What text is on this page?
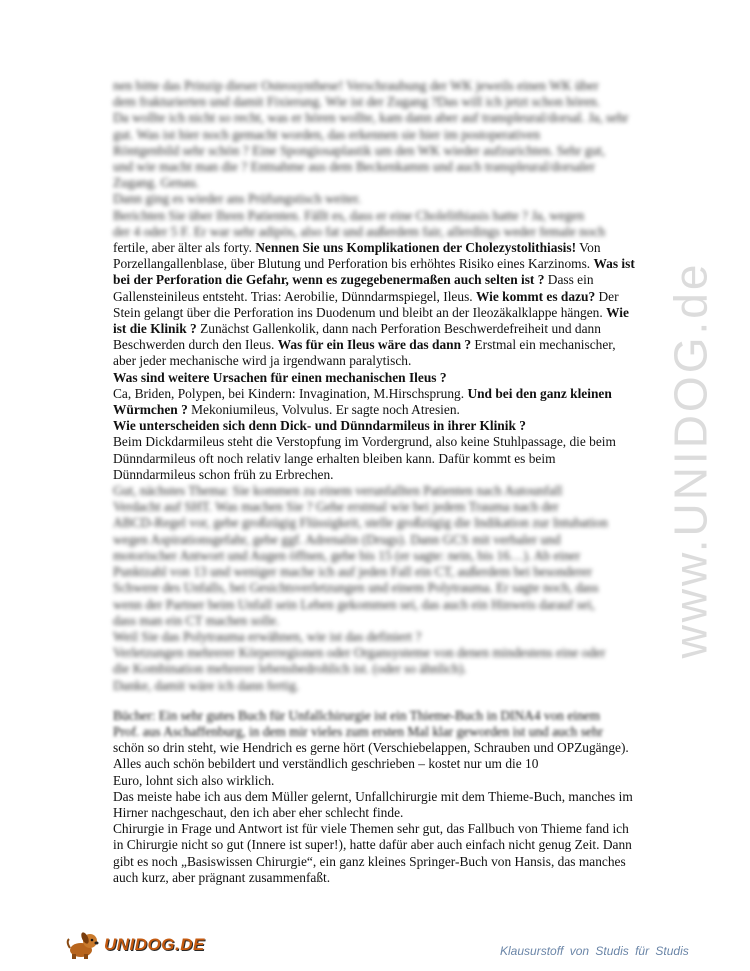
www.UNIDOG.de

nen bitte das Prinzip dieser Osteosynthese! Verschraubung der WK jeweils einen WK über

dem frakturierten und damit Fixierung. Wie ist der Zugang ?Das will ich jetzt schon hören.

Da wollte ich nicht so recht, was er hören wollte, kam dann aber auf transpleural/dorsal. Ja, sehr

gut. Was ist hier noch gemacht worden, das erkennen sie hier im postoperativen

Röntgenbild sehr schön ? Eine Spongiosaplastik um den WK wieder aufzurichten. Sehr gut,

und wie macht man die ? Entnahme aus dem Beckenkamm und auch transpleural/dorsaler

Zugang. Genau.

Dann ging es wieder ans Prüfungstisch weiter.

Berichten Sie über Ihren Patienten. Fällt es, dass er eine Cholelithiasis hatte ? Ja, wegen

der 4 oder 5 F. Er war sehr adipös, also fat und außerdem fair, allerdings weder female noch

fertile, aber älter als forty. Nennen Sie uns Komplikationen der Cholezystolithiasis! Von Porzellangallenblase, über Blutung und Perforation bis erhöhtes Risiko eines Karzinoms. Was ist bei der Perforation die Gefahr, wenn es zugegebenermaßen auch selten ist ? Dass ein Gallensteinileus entsteht. Trias: Aerobilie, Dünndarmspiegel, Ileus. Wie kommt es dazu? Der Stein gelangt über die Perforation ins Duodenum und bleibt an der Ileozäkalklappe hängen. Wie ist die Klinik ? Zunächst Gallenkolik, dann nach Perforation Beschwerdefreiheit und dann Beschwerden durch den Ileus. Was für ein Ileus wäre das dann ? Erstmal ein mechanischer, aber jeder mechanische wird ja irgendwann paralytisch.

Was sind weitere Ursachen für einen mechanischen Ileus ?

Ca, Briden, Polypen, bei Kindern: Invagination, M.Hirschsprung. Und bei den ganz kleinen Würmchen ? Mekoniumileus, Volvulus. Er sagte noch Atresien.

Wie unterscheiden sich denn Dick- und Dünndarmileus in ihrer Klinik ?

Beim Dickdarmileus steht die Verstopfung im Vordergrund, also keine Stuhlpassage, die beim Dünndarmileus oft noch relativ lange erhalten bleiben kann. Dafür kommt es beim Dünndarmileus schon früh zu Erbrechen.

Gut, nächstes Thema: Sie kommen zu einem verunfallten Patienten nach Autounfall

Verdacht auf SHT. Was machen Sie ? Gehe erstmal wie bei jedem Trauma nach der

ABCD-Regel vor, gebe großzügig Flüssigkeit, stelle großzügig die Indikation zur Intubation

wegen Aspirationsgefahr, gebe ggf. Adrenalin (Drugs). Dann GCS mit verbaler und

motorischer Antwort und Augen öffnen, gebe bis 15 (er sagte: nein, bis 16…). Ab einer

Punktzahl von 13 und weniger mache ich auf jeden Fall ein CT, außerdem bei besonderer

Schwere des Unfalls, bei Gesichtsverletzungen und einem Polytrauma. Er sagte noch, dass

wenn der Partner beim Unfall sein Leben gekommen sei, das auch ein Hinweis darauf sei,

dass man ein CT machen solle.

Weil Sie das Polytrauma erwähnen, wie ist das definiert ?

Verletzungen mehrerer Körperregionen oder Organsysteme von denen mindestens eine oder

die Kombination mehrerer lebensbedrohlich ist. (oder so ähnlich).

Danke, damit wäre ich dann fertig.

Bücher: Ein sehr gutes Buch für Unfallchirurgie ist ein Thieme-Buch in DINA4 von einem

Prof. aus Aschaffenburg, in dem mir vieles zum ersten Mal klar geworden ist und auch sehr

schön so drin steht, wie Hendrich es gerne hört (Verschiebelappen, Schrauben und OPZugänge).

Alles auch schön bebildert und verständlich geschrieben – kostet nur um die 10

Euro, lohnt sich also wirklich.

Das meiste habe ich aus dem Müller gelernt, Unfallchirurgie mit dem Thieme-Buch, manches im Hirner nachgeschaut, den ich aber eher schlecht finde.

Chirurgie in Frage und Antwort ist für viele Themen sehr gut, das Fallbuch von Thieme fand ich in Chirurgie nicht so gut (Innere ist super!), hatte dafür aber auch einfach nicht genug Zeit. Dann gibt es noch „Basiswissen Chirurgie“, ein ganz kleines Springer-Buch von Hansis, das manches auch kurz, aber prägnant zusammenfaßt.

UNIDOG.DE	Klausurstoff von Studis für Studis
